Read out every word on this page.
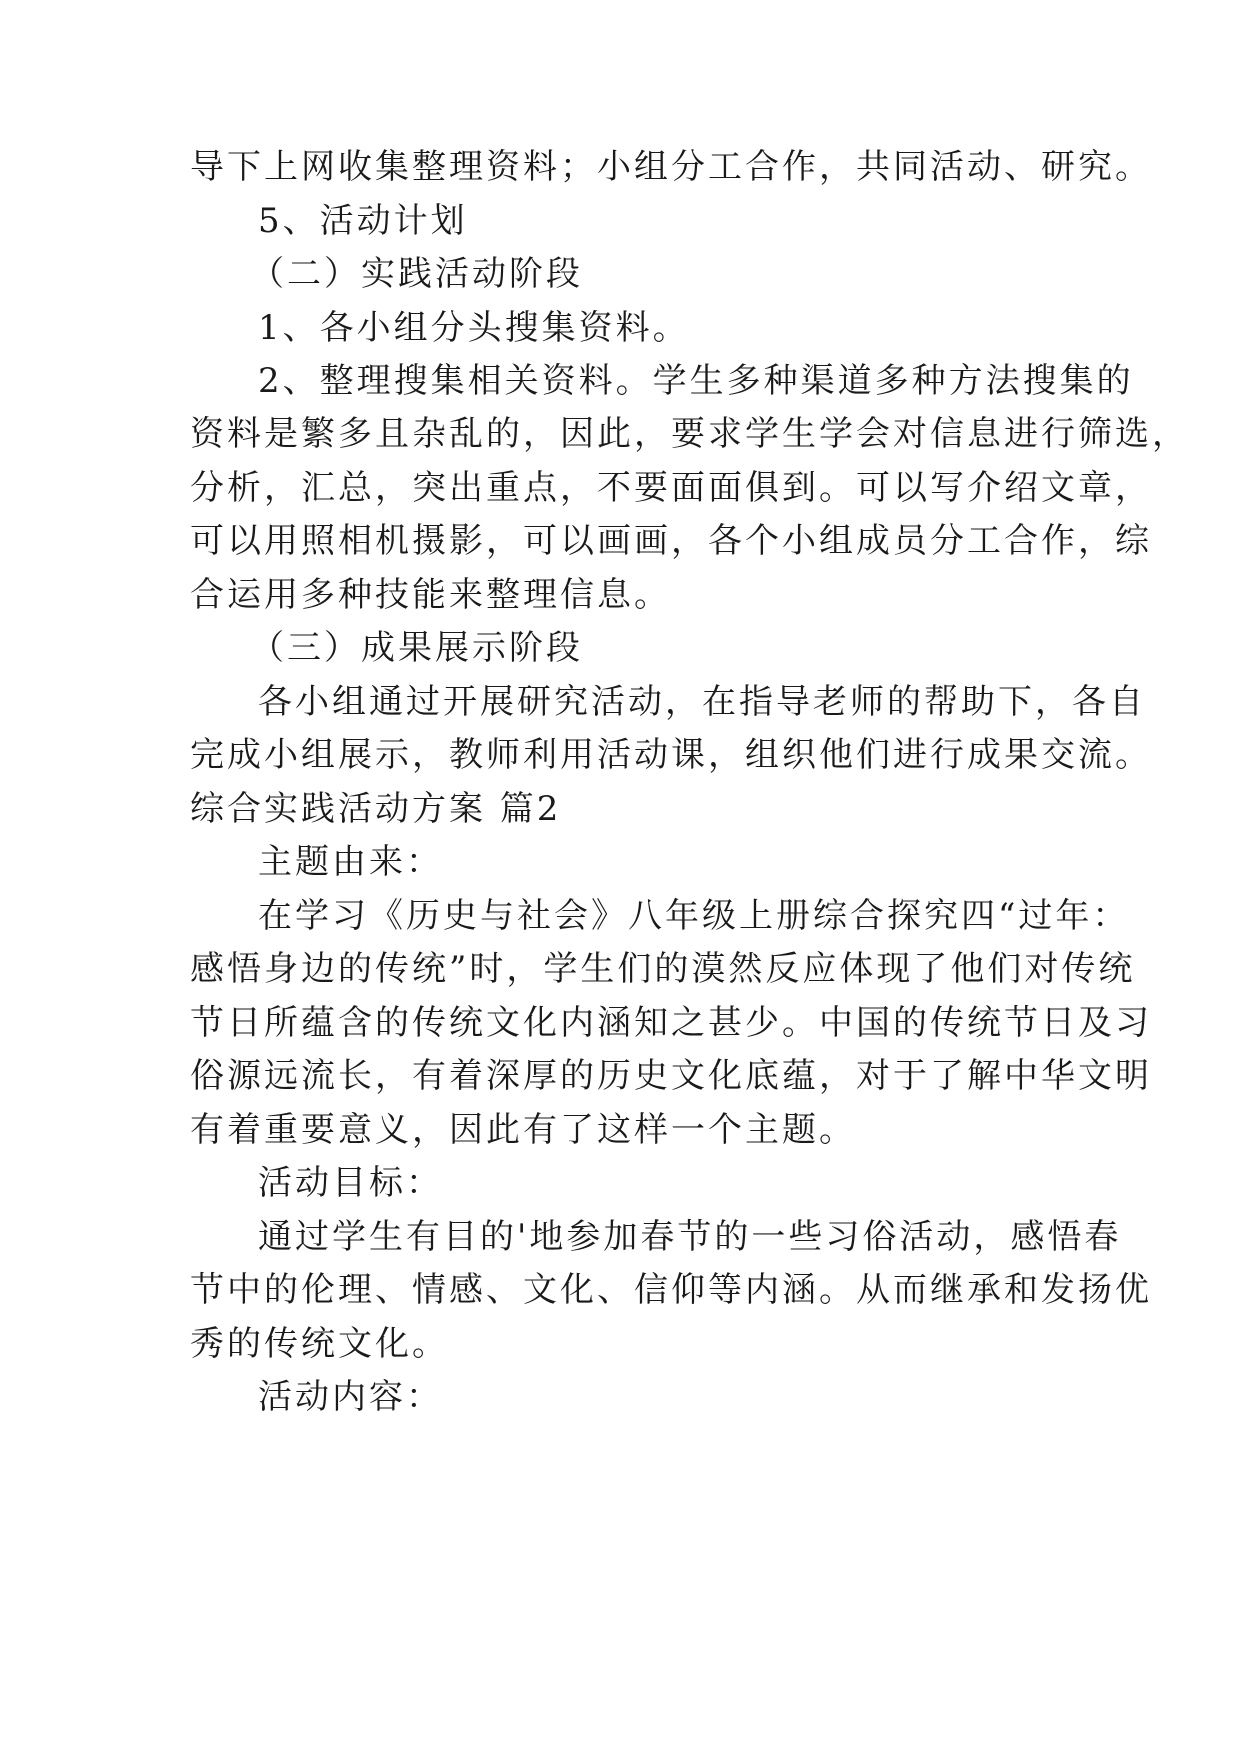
导下上网收集整理资料；小组分工合作，共同活动、研究。

5、活动计划

（二）实践活动阶段

1、各小组分头搜集资料。

2、整理搜集相关资料。学生多种渠道多种方法搜集的

资料是繁多且杂乱的，因此，要求学生学会对信息进行筛选，

分析，汇总，突出重点，不要面面俱到。可以写介绍文章，

可以用照相机摄影，可以画画，各个小组成员分工合作，综

合运用多种技能来整理信息。

（三）成果展示阶段

各小组通过开展研究活动，在指导老师的帮助下，各自

完成小组展示，教师利用活动课，组织他们进行成果交流。

综合实践活动方案 篇2

主题由来：

在学习《历史与社会》八年级上册综合探究四“过年：

感悟身边的传统”时，学生们的漠然反应体现了他们对传统

节日所蕴含的传统文化内涵知之甚少。中国的传统节日及习

俗源远流长，有着深厚的历史文化底蕴，对于了解中华文明

有着重要意义，因此有了这样一个主题。

活动目标：

通过学生有目的'地参加春节的一些习俗活动，感悟春

节中的伦理、情感、文化、信仰等内涵。从而继承和发扬优

秀的传统文化。

活动内容：
